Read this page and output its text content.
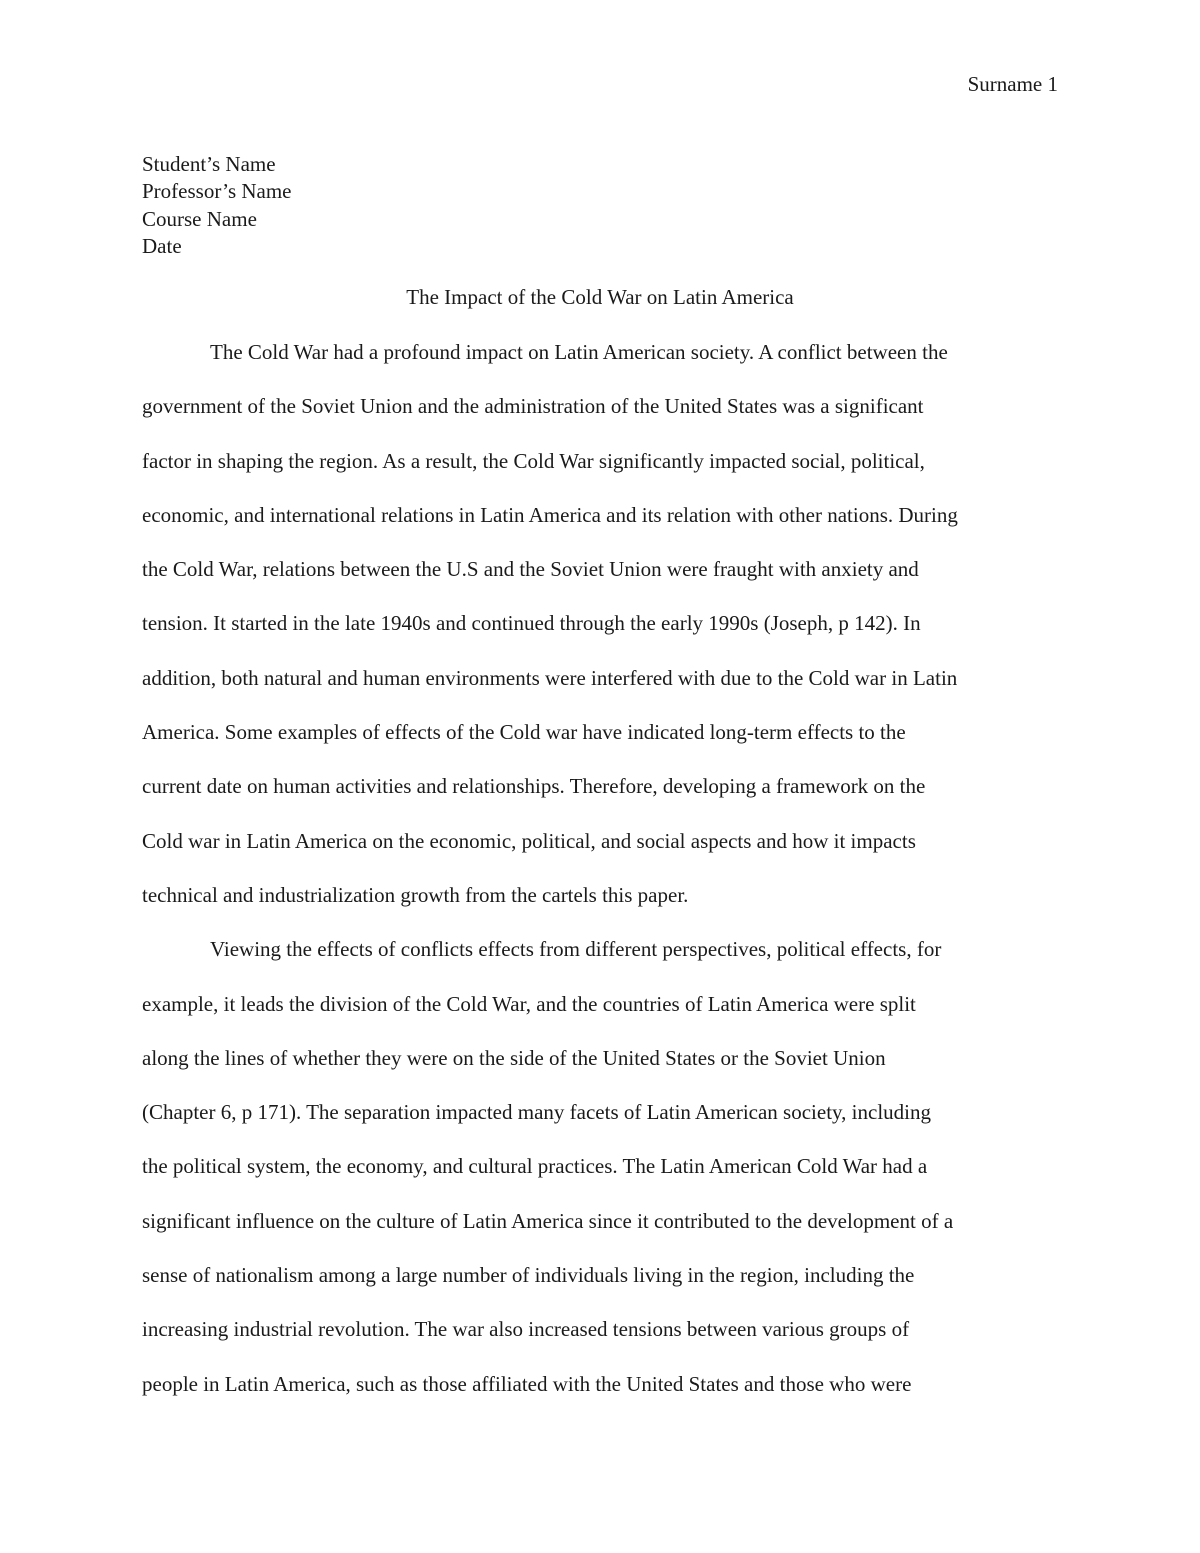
Surname 1
Student’s Name
Professor’s Name
Course Name
Date
The Impact of the Cold War on Latin America
The Cold War had a profound impact on Latin American society. A conflict between the
government of the Soviet Union and the administration of the United States was a significant
factor in shaping the region. As a result, the Cold War significantly impacted social, political,
economic, and international relations in Latin America and its relation with other nations. During
the Cold War, relations between the U.S and the Soviet Union were fraught with anxiety and
tension. It started in the late 1940s and continued through the early 1990s (Joseph, p 142). In
addition, both natural and human environments were interfered with due to the Cold war in Latin
America. Some examples of effects of the Cold war have indicated long-term effects to the
current date on human activities and relationships. Therefore, developing a framework on the
Cold war in Latin America on the economic, political, and social aspects and how it impacts
technical and industrialization growth from the cartels this paper.
Viewing the effects of conflicts effects from different perspectives, political effects, for
example, it leads the division of the Cold War, and the countries of Latin America were split
along the lines of whether they were on the side of the United States or the Soviet Union
(Chapter 6, p 171). The separation impacted many facets of Latin American society, including
the political system, the economy, and cultural practices. The Latin American Cold War had a
significant influence on the culture of Latin America since it contributed to the development of a
sense of nationalism among a large number of individuals living in the region, including the
increasing industrial revolution. The war also increased tensions between various groups of
people in Latin America, such as those affiliated with the United States and those who were
